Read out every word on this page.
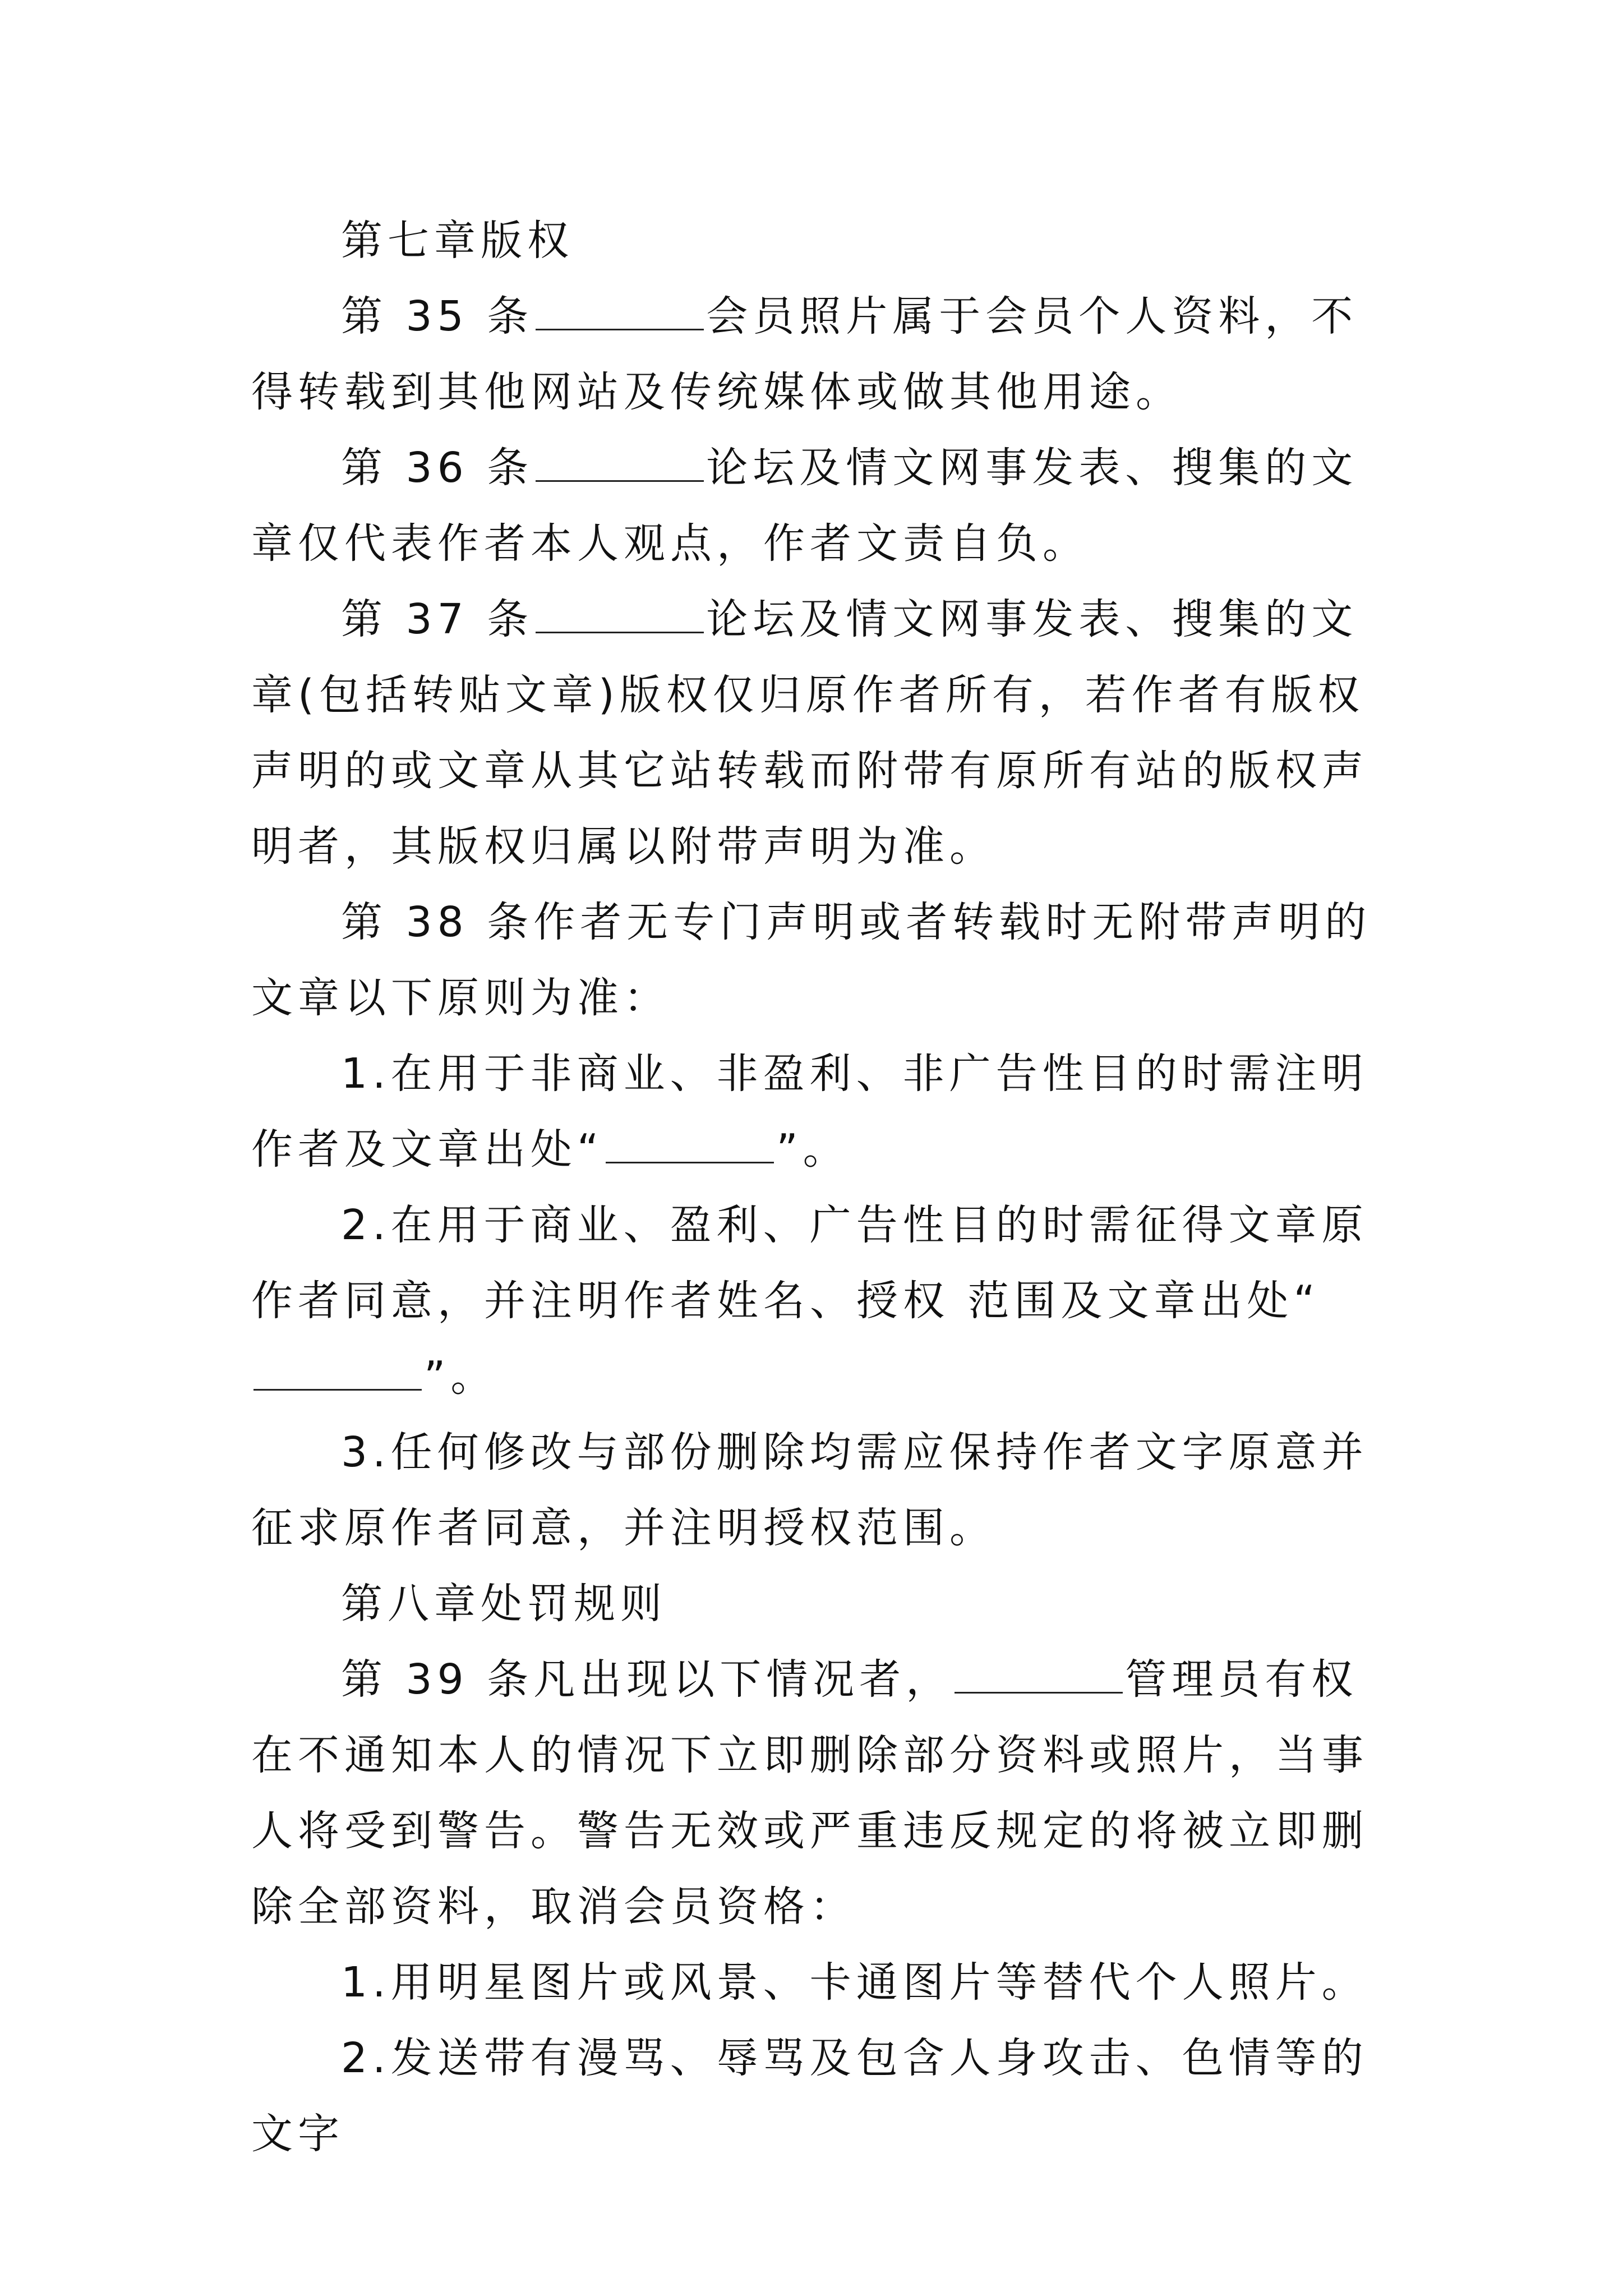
第七章版权

第 35 条	会员照片属于会员个人资料，不得转载到其他网站及传统媒体或做其他用途。

第 36 条	论坛及情文网事发表、搜集的文章仅代表作者本人观点，作者文责自负。

第 37 条	论坛及情文网事发表、搜集的文章(包括转贴文章)版权仅归原作者所有，若作者有版权声明的或文章从其它站转载而附带有原所有站的版权声明者，其版权归属以附带声明为准。

第 38 条作者无专门声明或者转载时无附带声明的文章以下原则为准：

1.在用于非商业、非盈利、非广告性目的时需注明作者及文章出处“	”。

2.在用于商业、盈利、广告性目的时需征得文章原作者同意，并注明作者姓名、授权 范围及文章出处“”。

3.任何修改与部份删除均需应保持作者文字原意并征求原作者同意，并注明授权范围。

第八章处罚规则

第 39 条凡出现以下情况者，	管理员有权在不通知本人的情况下立即删除部分资料或照片，当事人将受到警告。警告无效或严重违反规定的将被立即删除全部资料，取消会员资格：

1.用明星图片或风景、卡通图片等替代个人照片。

2.发送带有漫骂、辱骂及包含人身攻击、色情等的文字
